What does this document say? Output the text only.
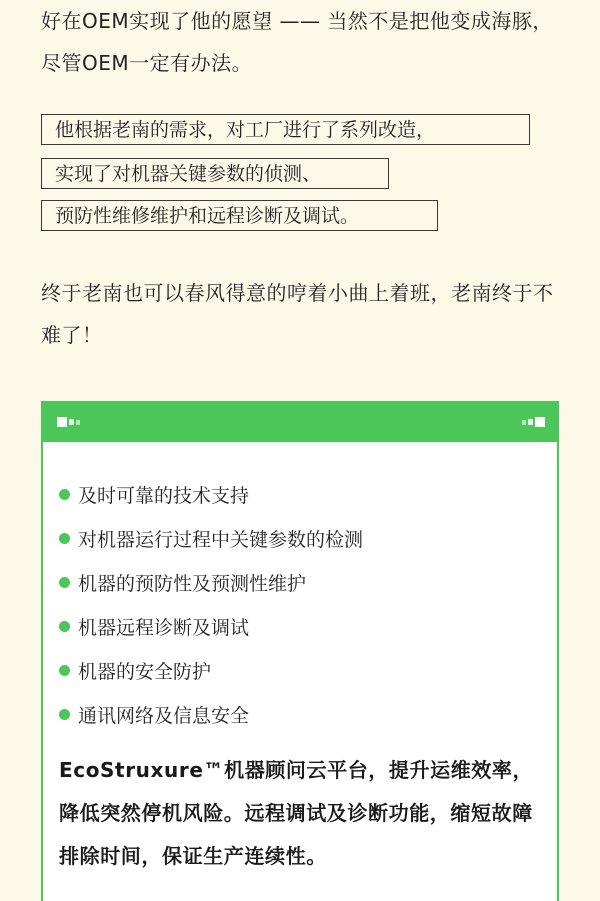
好在OEM实现了他的愿望 —— 当然不是把他变成海豚，尽管OEM一定有办法。

他根据老南的需求，对工厂进行了系列改造，
实现了对机器关键参数的侦测、
预防性维修维护和远程诊断及调试。

终于老南也可以春风得意的哼着小曲上着班，老南终于不难了！

及时可靠的技术支持
对机器运行过程中关键参数的检测
机器的预防性及预测性维护
机器远程诊断及调试
机器的安全防护
通讯网络及信息安全

EcoStruxure™机器顾问云平台，提升运维效率，降低突然停机风险。远程调试及诊断功能，缩短故障排除时间，保证生产连续性。
